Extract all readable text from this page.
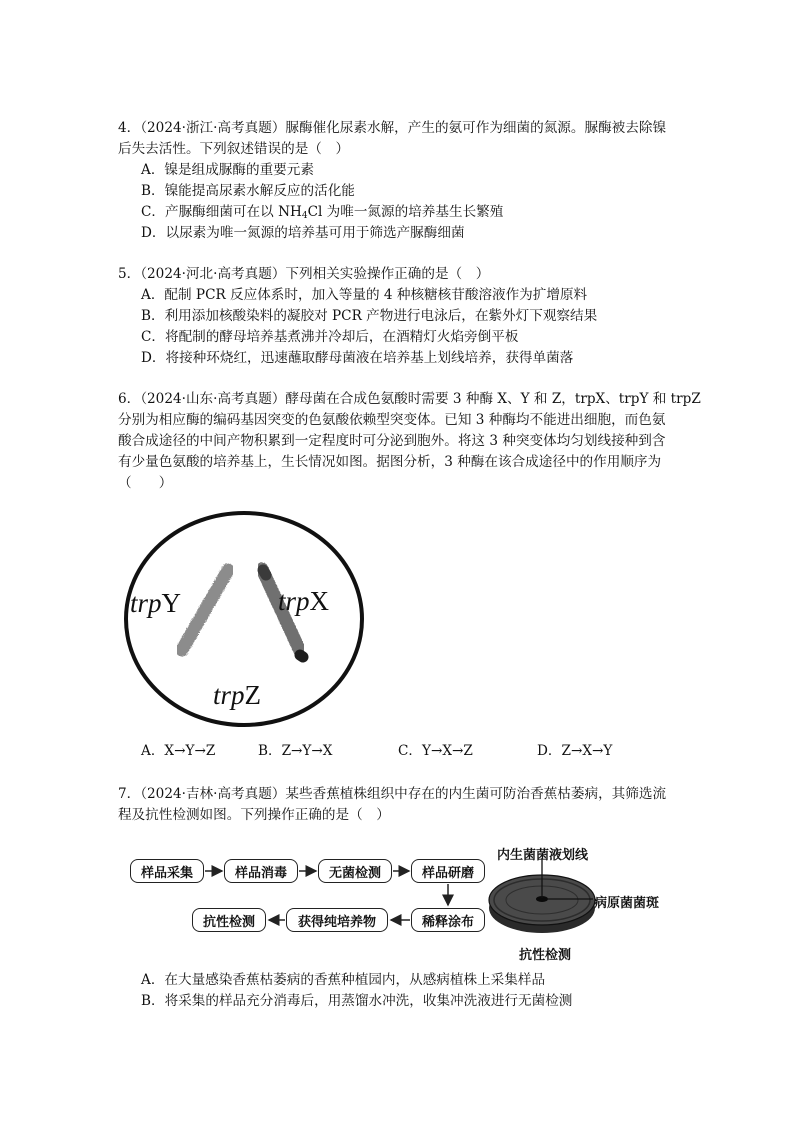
4．（2024·浙江·高考真题）脲酶催化尿素水解，产生的氨可作为细菌的氮源。脲酶被去除镍
后失去活性。下列叙述错误的是（　）
A．镍是组成脲酶的重要元素
B．镍能提高尿素水解反应的活化能
C．产脲酶细菌可在以 $NH_4Cl$ 为唯一氮源的培养基生长繁殖
D．以尿素为唯一氮源的培养基可用于筛选产脲酶细菌
5．（2024·河北·高考真题）下列相关实验操作正确的是（　）
A．配制 PCR 反应体系时，加入等量的 4 种核糖核苷酸溶液作为扩增原料
B．利用添加核酸染料的凝胶对 PCR 产物进行电泳后，在紫外灯下观察结果
C．将配制的酵母培养基煮沸并冷却后，在酒精灯火焰旁倒平板
D．将接种环烧红，迅速蘸取酵母菌液在培养基上划线培养，获得单菌落
6．（2024·山东·高考真题）酵母菌在合成色氨酸时需要 3 种酶 X、Y 和 Z，trpX、trpY 和 trpZ
分别为相应酶的编码基因突变的色氨酸依赖型突变体。已知 3 种酶均不能进出细胞，而色氨
酸合成途径的中间产物积累到一定程度时可分泌到胞外。将这 3 种突变体均匀划线接种到含
有少量色氨酸的培养基上，生长情况如图。据图分析，3 种酶在该合成途径中的作用顺序为
（　　）
trpY	trpX
trpZ
A．X→Y→Z	B．Z→Y→X	C．Y→X→Z	D．Z→X→Y
7．（2024·吉林·高考真题）某些香蕉植株组织中存在的内生菌可防治香蕉枯萎病，其筛选流
程及抗性检测如图。下列操作正确的是（　）
样品采集	样品消毒	无菌检测	样品研磨
稀释涂布
获得纯培养物
抗性检测
内生菌菌液划线
病原菌菌斑
抗性检测
A．在大量感染香蕉枯萎病的香蕉种植园内，从感病植株上采集样品
B．将采集的样品充分消毒后，用蒸馏水冲洗，收集冲洗液进行无菌检测
